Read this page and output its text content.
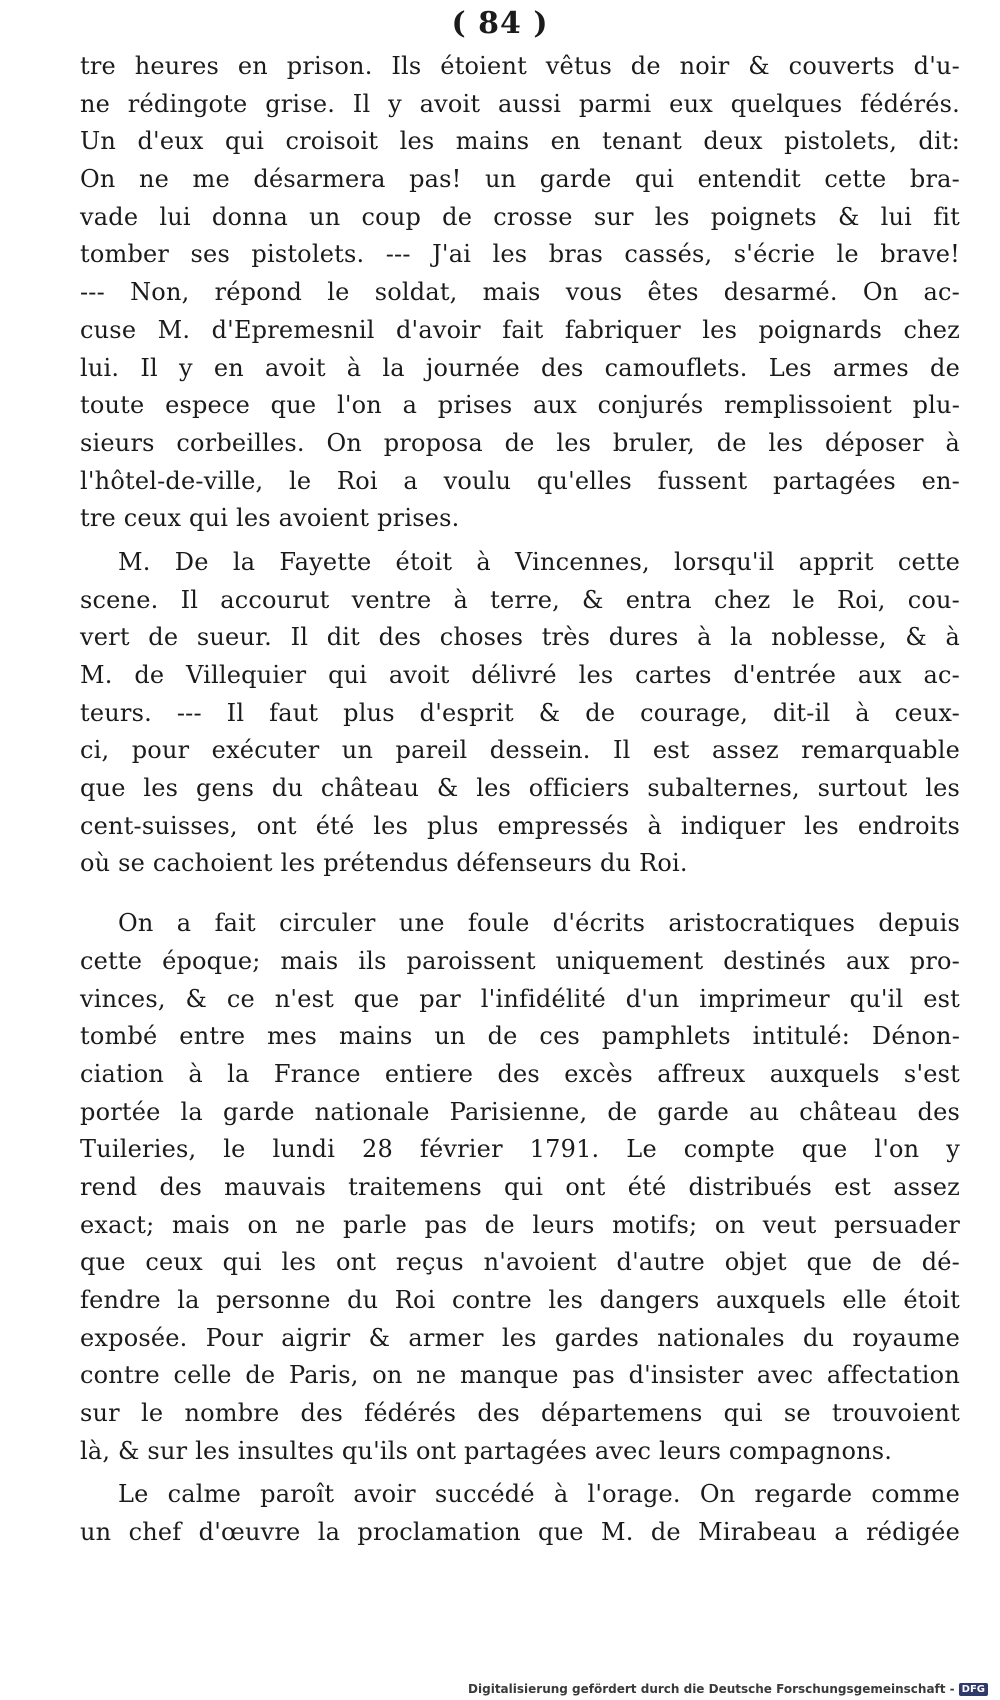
( 84 )
tre heures en prison. Ils étoient vêtus de noir & couverts d'u-
ne rédingote grise. Il y avoit aussi parmi eux quelques fédérés.
Un d'eux qui croisoit les mains en tenant deux pistolets, dit:
On ne me désarmera pas! un garde qui entendit cette bra-
vade lui donna un coup de crosse sur les poignets & lui fit
tomber ses pistolets. --- J'ai les bras cassés, s'écrie le brave!
--- Non, répond le soldat, mais vous êtes desarmé. On ac-
cuse M. d'Epremesnil d'avoir fait fabriquer les poignards chez
lui. Il y en avoit à la journée des camouflets. Les armes de
toute espece que l'on a prises aux conjurés remplissoient plu-
sieurs corbeilles. On proposa de les bruler, de les déposer à
l'hôtel-de-ville, le Roi a voulu qu'elles fussent partagées en-
tre ceux qui les avoient prises.
M. De la Fayette étoit à Vincennes, lorsqu'il apprit cette
scene. Il accourut ventre à terre, & entra chez le Roi, cou-
vert de sueur. Il dit des choses très dures à la noblesse, & à
M. de Villequier qui avoit délivré les cartes d'entrée aux ac-
teurs. --- Il faut plus d'esprit & de courage, dit-il à ceux-
ci, pour exécuter un pareil dessein. Il est assez remarquable
que les gens du château & les officiers subalternes, surtout les
cent-suisses, ont été les plus empressés à indiquer les endroits
où se cachoient les prétendus défenseurs du Roi.
On a fait circuler une foule d'écrits aristocratiques depuis
cette époque; mais ils paroissent uniquement destinés aux pro-
vinces, & ce n'est que par l'infidélité d'un imprimeur qu'il est
tombé entre mes mains un de ces pamphlets intitulé: Dénon-
ciation à la France entiere des excès affreux auxquels s'est
portée la garde nationale Parisienne, de garde au château des
Tuileries, le lundi 28 février 1791. Le compte que l'on y
rend des mauvais traitemens qui ont été distribués est assez
exact; mais on ne parle pas de leurs motifs; on veut persuader
que ceux qui les ont reçus n'avoient d'autre objet que de dé-
fendre la personne du Roi contre les dangers auxquels elle étoit
exposée. Pour aigrir & armer les gardes nationales du royaume
contre celle de Paris, on ne manque pas d'insister avec affectation
sur le nombre des fédérés des départemens qui se trouvoient
là, & sur les insultes qu'ils ont partagées avec leurs compagnons.
Le calme paroît avoir succédé à l'orage. On regarde comme
un chef d'œuvre la proclamation que M. de Mirabeau a rédigée
Digitalisierung gefördert durch die Deutsche Forschungsgemeinschaft - DFG
